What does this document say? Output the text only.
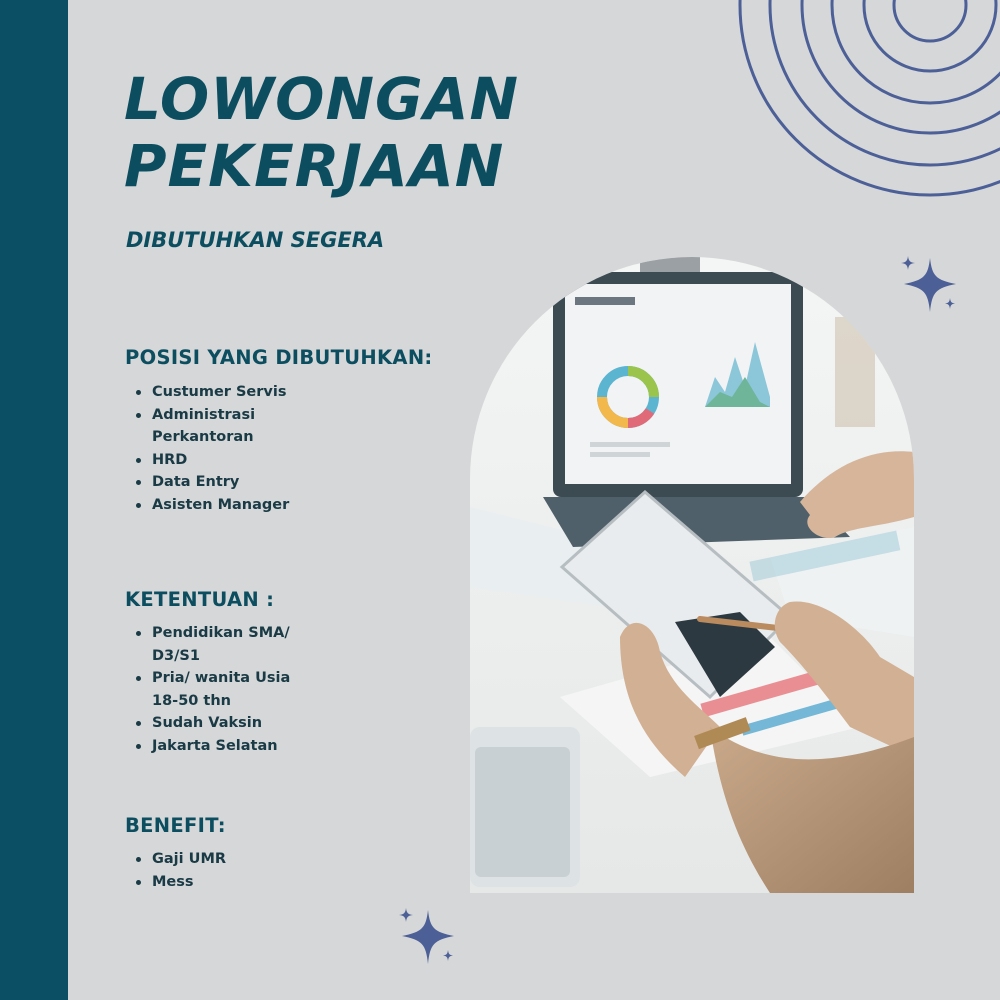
LOWONGAN
PEKERJAAN
DIBUTUHKAN SEGERA
POSISI YANG DIBUTUHKAN:
Custumer Servis
Administrasi Perkantoran
HRD
Data Entry
Asisten Manager
KETENTUAN :
Pendidikan SMA/ D3/S1
Pria/ wanita Usia 18-50 thn
Sudah Vaksin
Jakarta Selatan
BENEFIT:
Gaji UMR
Mess
